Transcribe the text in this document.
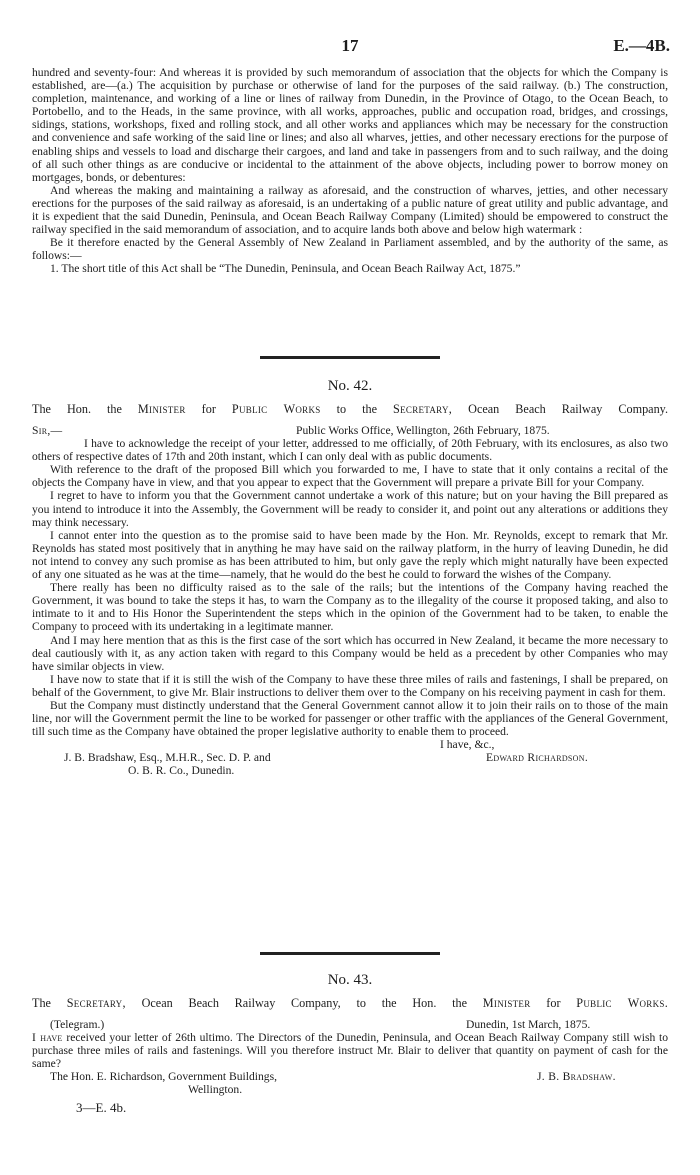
17	E.—4B.

hundred and seventy-four: And whereas it is provided by such memorandum of association that the objects for which the Company is established, are—(a.) The acquisition by purchase or otherwise of land for the purposes of the said railway. (b.) The construction, completion, maintenance, and working of a line or lines of railway from Dunedin, in the Province of Otago, to the Ocean Beach, to Portobello, and to the Heads, in the same province, with all works, approaches, public and occupation road, bridges, and crossings, sidings, stations, workshops, fixed and rolling stock, and all other works and appliances which may be necessary for the construction and convenience and safe working of the said line or lines; and also all wharves, jetties, and other necessary erections for the purpose of enabling ships and vessels to load and discharge their cargoes, and land and take in passengers from and to such railway, and the doing of all such other things as are conducive or incidental to the attainment of the above objects, including power to borrow money on mortgages, bonds, or debentures:

And whereas the making and maintaining a railway as aforesaid, and the construction of wharves, jetties, and other necessary erections for the purposes of the said railway as aforesaid, is an undertaking of a public nature of great utility and public advantage, and it is expedient that the said Dunedin, Peninsula, and Ocean Beach Railway Company (Limited) should be empowered to construct the railway specified in the said memorandum of association, and to acquire lands both above and below high watermark :

Be it therefore enacted by the General Assembly of New Zealand in Parliament assembled, and by the authority of the same, as follows:—

1. The short title of this Act shall be “The Dunedin, Peninsula, and Ocean Beach Railway Act, 1875.”

No. 42.
The Hon. the Minister for Public Works to the Secretary, Ocean Beach Railway Company.
Sir,—	Public Works Office, Wellington, 26th February, 1875.

I have to acknowledge the receipt of your letter, addressed to me officially, of 20th February, with its enclosures, as also two others of respective dates of 17th and 20th instant, which I can only deal with as public documents.

With reference to the draft of the proposed Bill which you forwarded to me, I have to state that it only contains a recital of the objects the Company have in view, and that you appear to expect that the Government will prepare a private Bill for your Company.

I regret to have to inform you that the Government cannot undertake a work of this nature; but on your having the Bill prepared as you intend to introduce it into the Assembly, the Government will be ready to consider it, and point out any alterations or additions they may think necessary.

I cannot enter into the question as to the promise said to have been made by the Hon. Mr. Reynolds, except to remark that Mr. Reynolds has stated most positively that in anything he may have said on the railway platform, in the hurry of leaving Dunedin, he did not intend to convey any such promise as has been attributed to him, but only gave the reply which might naturally have been expected of any one situated as he was at the time—namely, that he would do the best he could to forward the wishes of the Company.

There really has been no difficulty raised as to the sale of the rails; but the intentions of the Company having reached the Government, it was bound to take the steps it has, to warn the Company as to the illegality of the course it proposed taking, and also to intimate to it and to His Honor the Superintendent the steps which in the opinion of the Government had to be taken, to enable the Company to proceed with its undertaking in a legitimate manner.

And I may here mention that as this is the first case of the sort which has occurred in New Zealand, it became the more necessary to deal cautiously with it, as any action taken with regard to this Company would be held as a precedent by other Companies who may have similar objects in view.

I have now to state that if it is still the wish of the Company to have these three miles of rails and fastenings, I shall be prepared, on behalf of the Government, to give Mr. Blair instructions to deliver them over to the Company on his receiving payment in cash for them.

But the Company must distinctly understand that the General Government cannot allow it to join their rails on to those of the main line, nor will the Government permit the line to be worked for passenger or other traffic with the appliances of the General Government, till such time as the Company have obtained the proper legislative authority to enable them to proceed.

I have, &c.,
J. B. Bradshaw, Esq., M.H.R., Sec. D. P. and	Edward Richardson.
O. B. R. Co., Dunedin.
No. 43.
The Secretary, Ocean Beach Railway Company, to the Hon. the Minister for Public Works.
(Telegram.)	Dunedin, 1st March, 1875.

I have received your letter of 26th ultimo. The Directors of the Dunedin, Peninsula, and Ocean Beach Railway Company still wish to purchase three miles of rails and fastenings. Will you therefore instruct Mr. Blair to deliver that quantity on payment of cash for the same?

The Hon. E. Richardson, Government Buildings,	J. B. Bradshaw.
Wellington.
3—E. 4b.
